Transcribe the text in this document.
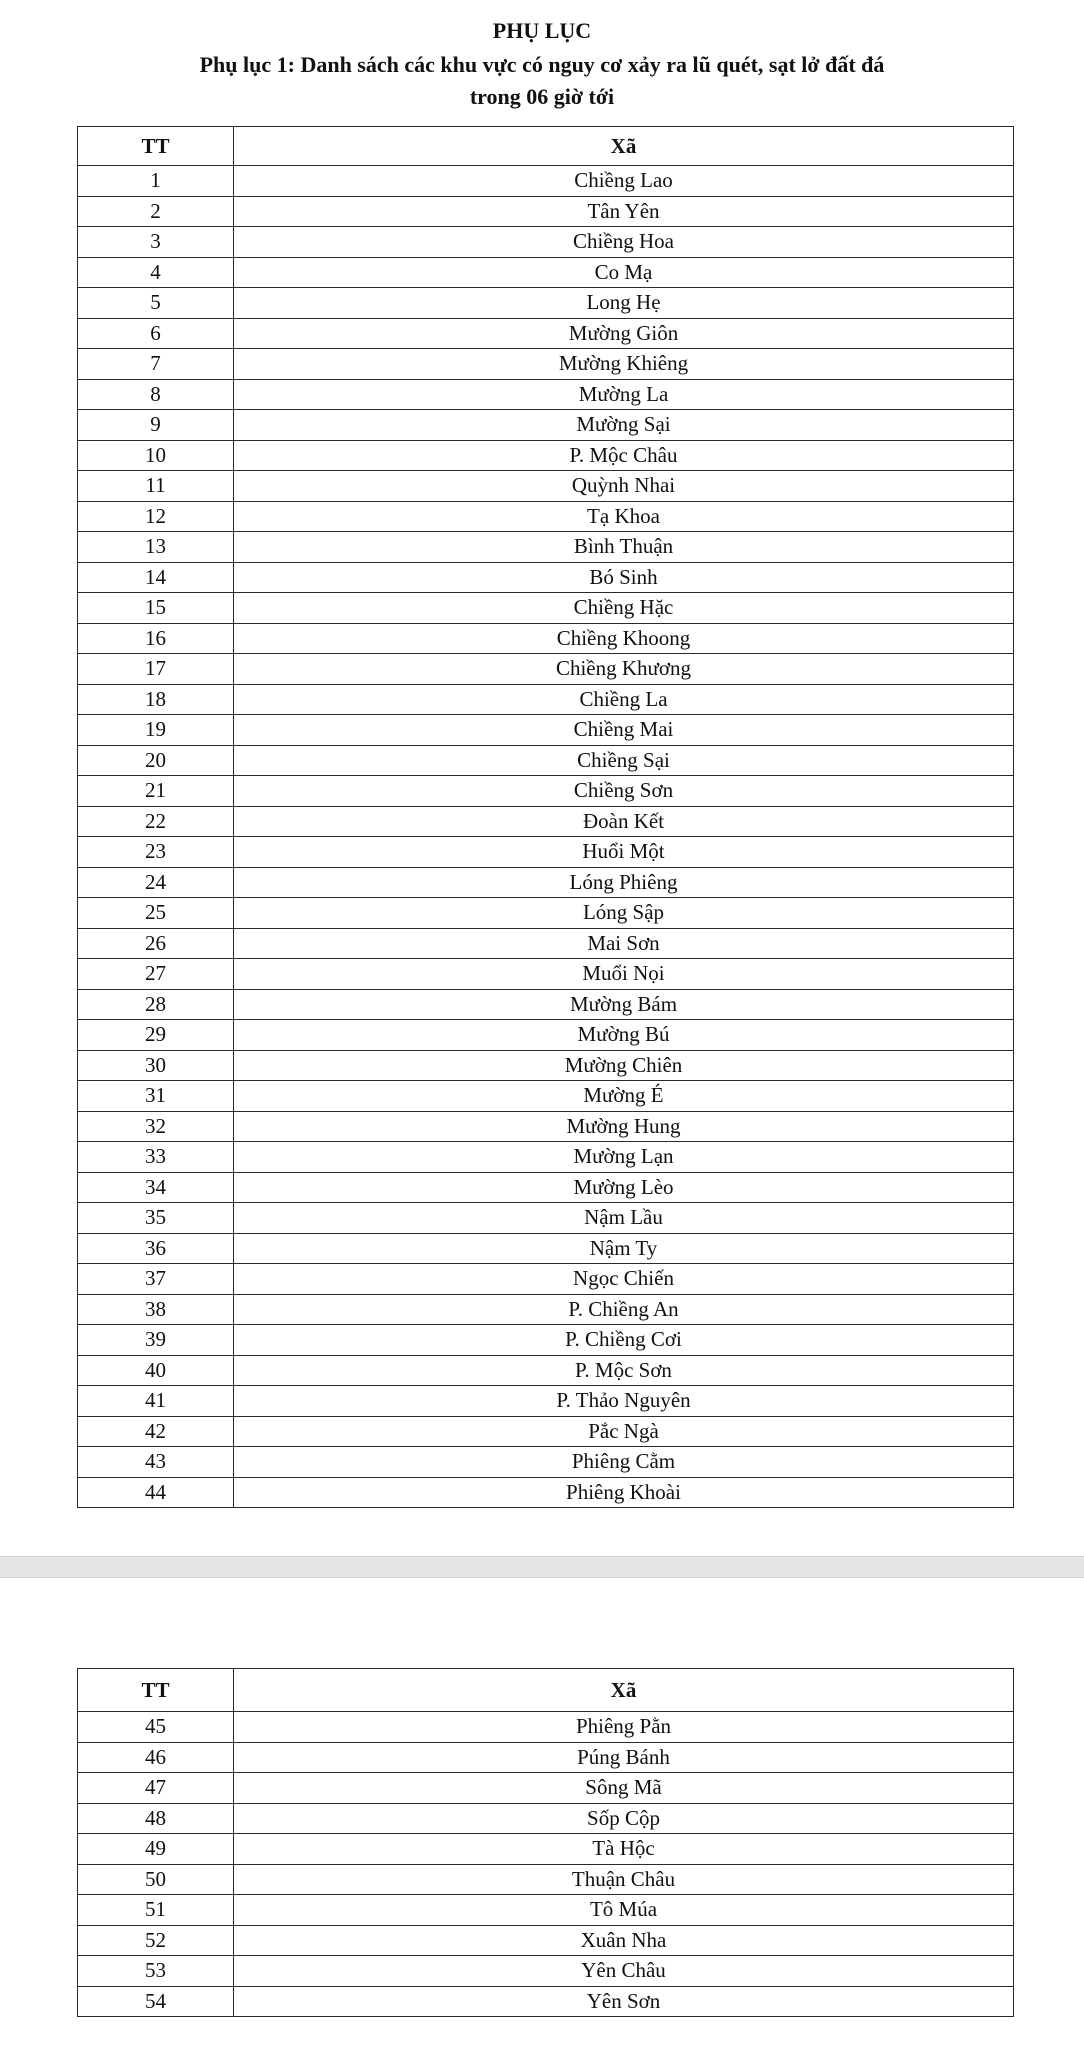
PHỤ LỤC
Phụ lục 1: Danh sách các khu vực có nguy cơ xảy ra lũ quét, sạt lở đất đá
trong 06 giờ tới
TT	Xã
1	Chiềng Lao
2	Tân Yên
3	Chiềng Hoa
4	Co Mạ
5	Long Hẹ
6	Mường Giôn
7	Mường Khiêng
8	Mường La
9	Mường Sại
10	P. Mộc Châu
11	Quỳnh Nhai
12	Tạ Khoa
13	Bình Thuận
14	Bó Sinh
15	Chiềng Hặc
16	Chiềng Khoong
17	Chiềng Khương
18	Chiềng La
19	Chiềng Mai
20	Chiềng Sại
21	Chiềng Sơn
22	Đoàn Kết
23	Huổi Một
24	Lóng Phiêng
25	Lóng Sập
26	Mai Sơn
27	Muổi Nọi
28	Mường Bám
29	Mường Bú
30	Mường Chiên
31	Mường É
32	Mường Hung
33	Mường Lạn
34	Mường Lèo
35	Nậm Lầu
36	Nậm Ty
37	Ngọc Chiến
38	P. Chiềng An
39	P. Chiềng Cơi
40	P. Mộc Sơn
41	P. Thảo Nguyên
42	Pắc Ngà
43	Phiêng Cằm
44	Phiêng Khoài
TT	Xã
45	Phiêng Pằn
46	Púng Bánh
47	Sông Mã
48	Sốp Cộp
49	Tà Hộc
50	Thuận Châu
51	Tô Múa
52	Xuân Nha
53	Yên Châu
54	Yên Sơn
